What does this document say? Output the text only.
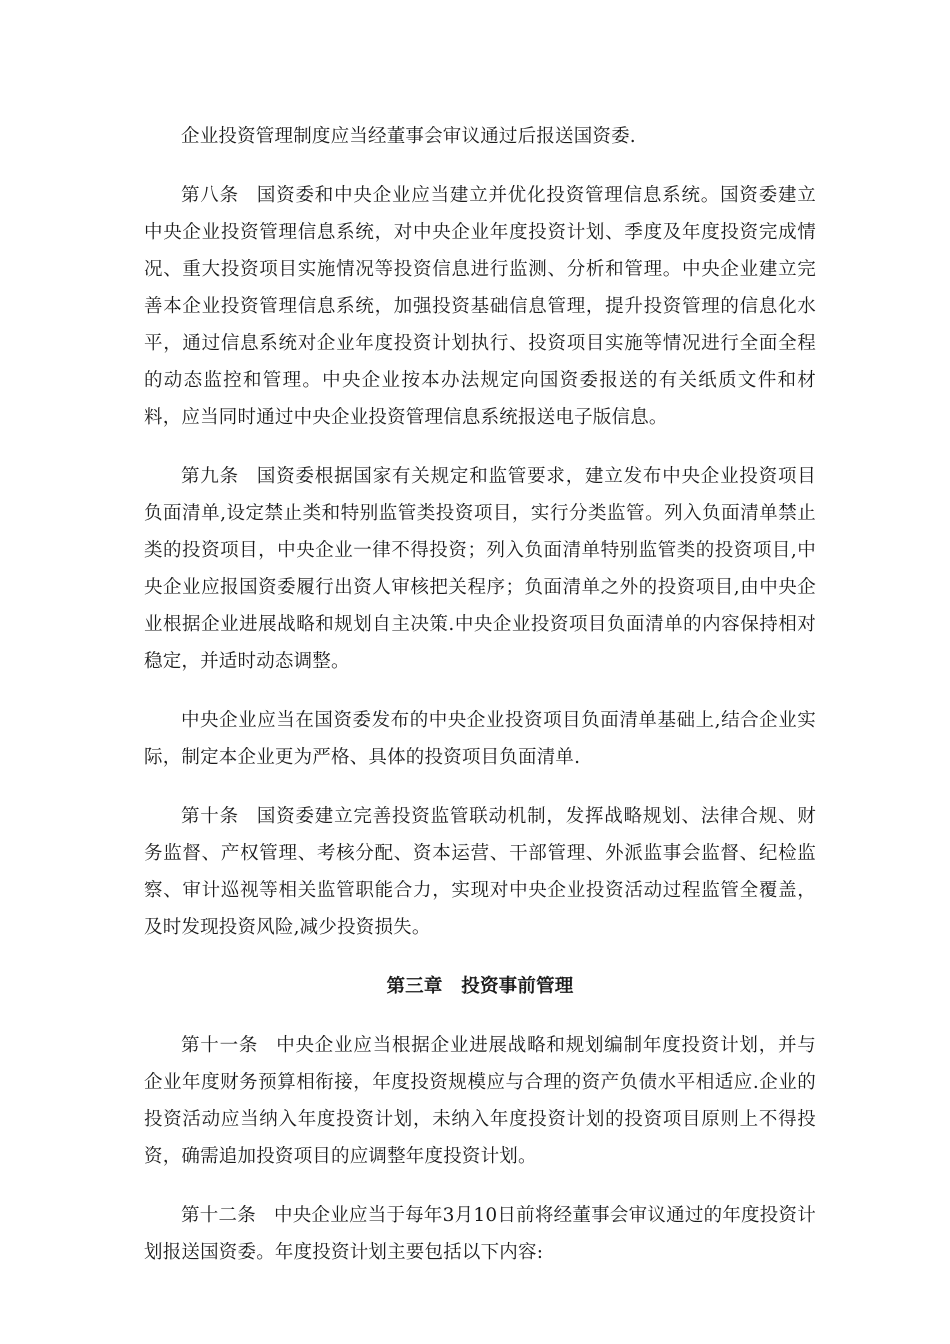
企业投资管理制度应当经董事会审议通过后报送国资委.

第八条 国资委和中央企业应当建立并优化投资管理信息系统。国资委建立中央企业投资管理信息系统，对中央企业年度投资计划、季度及年度投资完成情况、重大投资项目实施情况等投资信息进行监测、分析和管理。中央企业建立完善本企业投资管理信息系统，加强投资基础信息管理，提升投资管理的信息化水平，通过信息系统对企业年度投资计划执行、投资项目实施等情况进行全面全程的动态监控和管理。中央企业按本办法规定向国资委报送的有关纸质文件和材料，应当同时通过中央企业投资管理信息系统报送电子版信息。

第九条 国资委根据国家有关规定和监管要求，建立发布中央企业投资项目负面清单,设定禁止类和特别监管类投资项目，实行分类监管。列入负面清单禁止类的投资项目，中央企业一律不得投资；列入负面清单特别监管类的投资项目,中央企业应报国资委履行出资人审核把关程序；负面清单之外的投资项目,由中央企业根据企业进展战略和规划自主决策.中央企业投资项目负面清单的内容保持相对稳定，并适时动态调整。

中央企业应当在国资委发布的中央企业投资项目负面清单基础上,结合企业实际，制定本企业更为严格、具体的投资项目负面清单.

第十条 国资委建立完善投资监管联动机制，发挥战略规划、法律合规、财务监督、产权管理、考核分配、资本运营、干部管理、外派监事会监督、纪检监察、审计巡视等相关监管职能合力，实现对中央企业投资活动过程监管全覆盖，及时发现投资风险,减少投资损失。

第三章　投资事前管理

第十一条 中央企业应当根据企业进展战略和规划编制年度投资计划，并与企业年度财务预算相衔接，年度投资规模应与合理的资产负债水平相适应.企业的投资活动应当纳入年度投资计划，未纳入年度投资计划的投资项目原则上不得投资，确需追加投资项目的应调整年度投资计划。

第十二条 中央企业应当于每年3月10日前将经董事会审议通过的年度投资计划报送国资委。年度投资计划主要包括以下内容:
